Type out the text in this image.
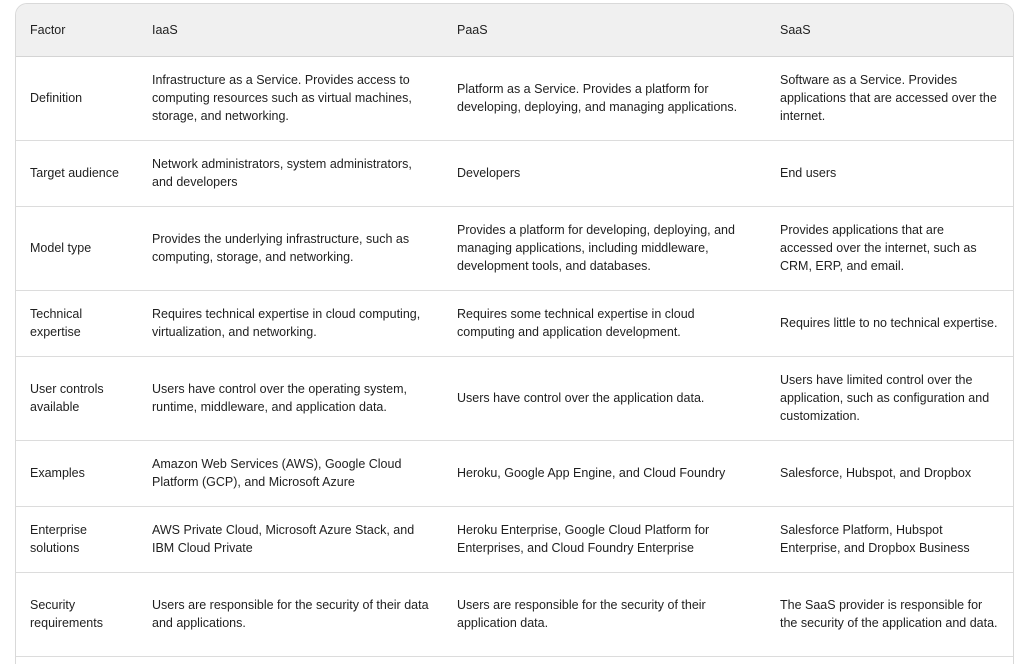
Factor	IaaS	PaaS	SaaS
Definition	Infrastructure as a Service. Provides access to computing resources such as virtual machines, storage, and networking.	Platform as a Service. Provides a platform for developing, deploying, and managing applications.	Software as a Service. Provides applications that are accessed over the internet.
Target audience	Network administrators, system administrators, and developers	Developers	End users
Model type	Provides the underlying infrastructure, such as computing, storage, and networking.	Provides a platform for developing, deploying, and managing applications, including middleware, development tools, and databases.	Provides applications that are accessed over the internet, such as CRM, ERP, and email.
Technical expertise	Requires technical expertise in cloud computing, virtualization, and networking.	Requires some technical expertise in cloud computing and application development.	Requires little to no technical expertise.
User controls available	Users have control over the operating system, runtime, middleware, and application data.	Users have control over the application data.	Users have limited control over the application, such as configuration and customization.
Examples	Amazon Web Services (AWS), Google Cloud Platform (GCP), and Microsoft Azure	Heroku, Google App Engine, and Cloud Foundry	Salesforce, Hubspot, and Dropbox
Enterprise solutions	AWS Private Cloud, Microsoft Azure Stack, and IBM Cloud Private	Heroku Enterprise, Google Cloud Platform for Enterprises, and Cloud Foundry Enterprise	Salesforce Platform, Hubspot Enterprise, and Dropbox Business
Security requirements	Users are responsible for the security of their data and applications.	Users are responsible for the security of their application data.	The SaaS provider is responsible for the security of the application and data.
